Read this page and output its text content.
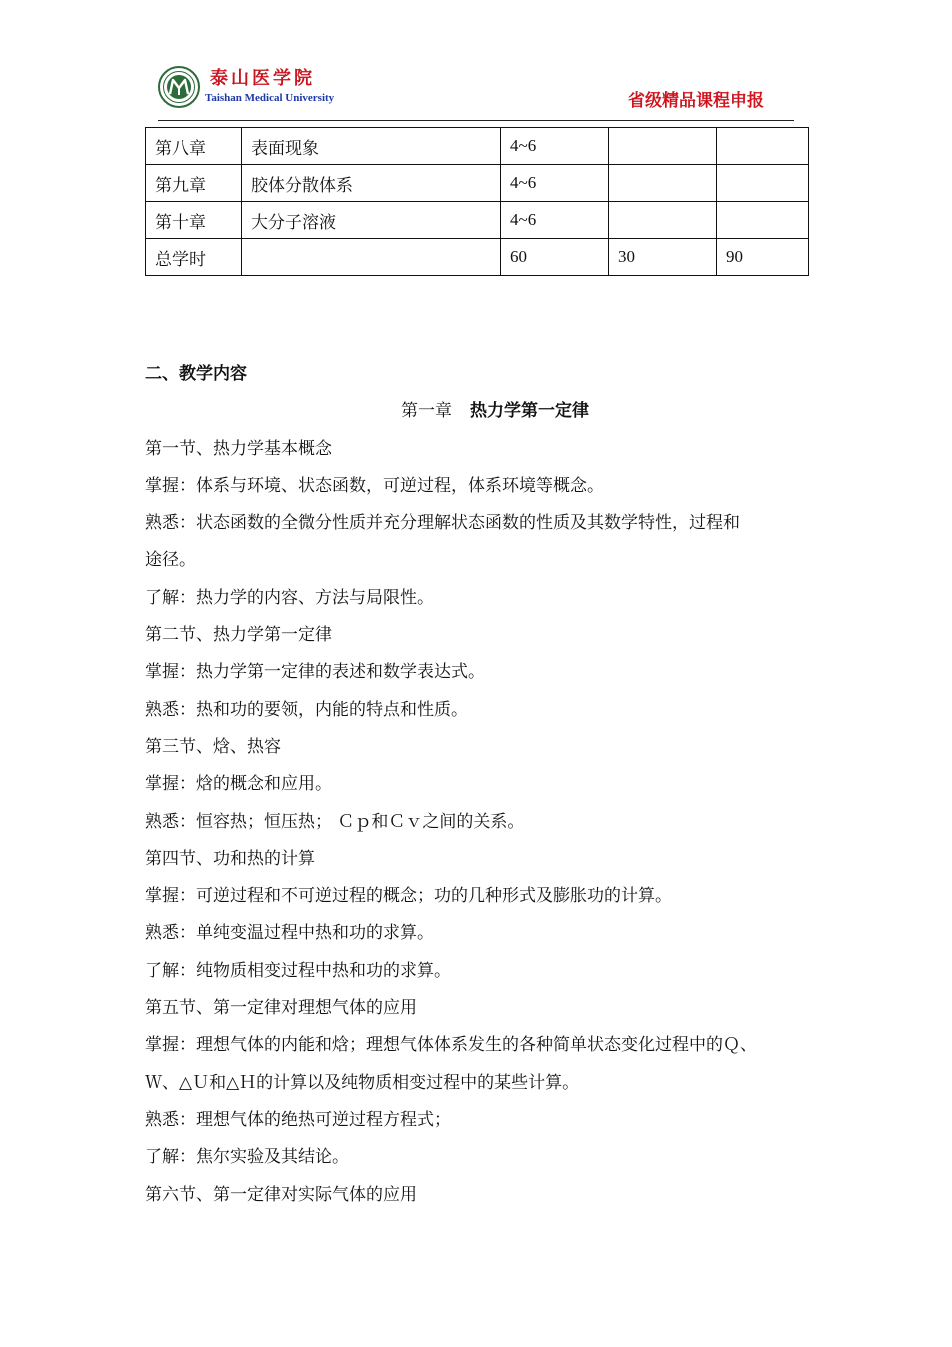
泰山医学院
Taishan Medical University	省级精品课程申报
第八章	表面现象	4~6		
第九章	胶体分散体系	4~6		
第十章	大分子溶液	4~6		
总学时		60	30	90

二、教学内容

第一章 热力学第一定律

第一节、热力学基本概念

掌握：体系与环境、状态函数，可逆过程，体系环境等概念。

熟悉：状态函数的全微分性质并充分理解状态函数的性质及其数学特性，过程和

途径。

了解：热力学的内容、方法与局限性。

第二节、热力学第一定律

掌握：热力学第一定律的表述和数学表达式。

熟悉：热和功的要领，内能的特点和性质。

第三节、焓、热容

掌握：焓的概念和应用。

熟悉：恒容热；恒压热； Ｃｐ和Ｃｖ之间的关系。

第四节、功和热的计算

掌握：可逆过程和不可逆过程的概念；功的几种形式及膨胀功的计算。

熟悉：单纯变温过程中热和功的求算。

了解：纯物质相变过程中热和功的求算。

第五节、第一定律对理想气体的应用

掌握：理想气体的内能和焓；理想气体体系发生的各种简单状态变化过程中的Ｑ、

Ｗ、△Ｕ和△Ｈ的计算以及纯物质相变过程中的某些计算。

熟悉：理想气体的绝热可逆过程方程式；

了解：焦尔实验及其结论。

第六节、第一定律对实际气体的应用
